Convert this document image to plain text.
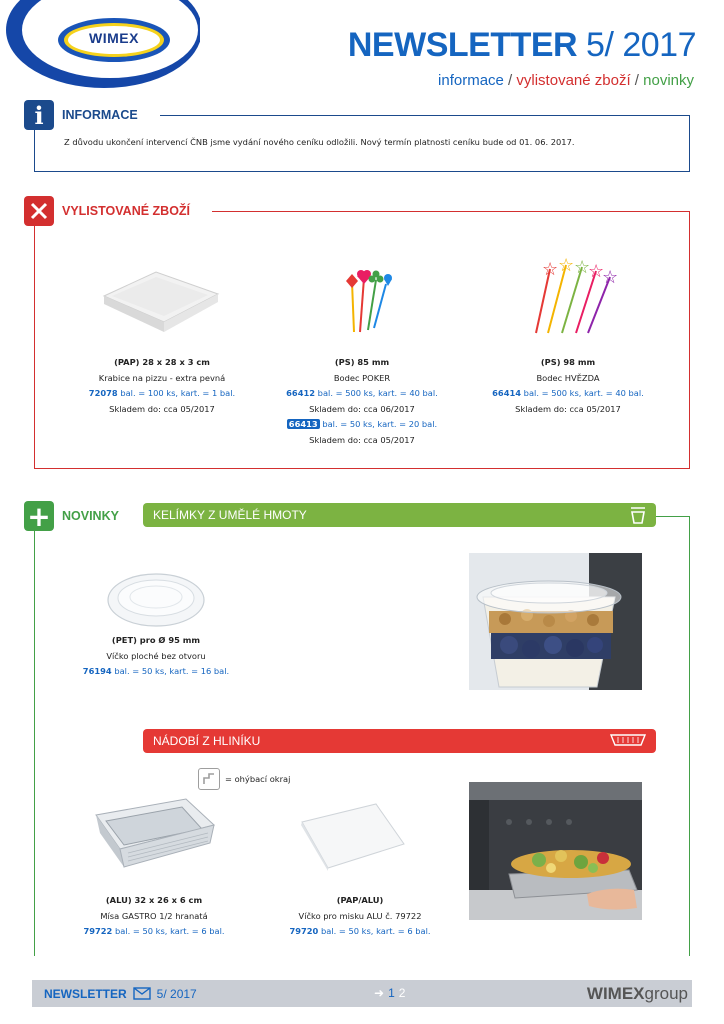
WIMEX	NEWSLETTER 5/ 2017
informace / vylistované zboží / novinky
i	INFORMACE
Z důvodu ukončení intervencí ČNB jsme vydání nového ceníku odložili. Nový termín platnosti ceníku bude od 01. 06. 2017.
VYLISTOVANÉ ZBOŽÍ
☆ ☆ ☆
☆
☆
(PAP) 28 x 28 x 3 cm
Krabice na pizzu - extra pevná
72078 bal. = 100 ks, kart. = 1 bal.
Skladem do: cca 05/2017
(PS) 85 mm
Bodec POKER
66412 bal. = 500 ks, kart. = 40 bal.
Skladem do: cca 06/2017
66413 bal. = 50 ks, kart. = 20 bal.
Skladem do: cca 05/2017
(PS) 98 mm
Bodec HVĚZDA
66414 bal. = 500 ks, kart. = 40 bal.
Skladem do: cca 05/2017
+ NOVINKY	KELÍMKY Z UMĚLÉ HMOTY
(PET) pro Ø 95 mm
Víčko ploché bez otvoru
76194 bal. = 50 ks, kart. = 16 bal.
NÁDOBÍ Z HLINÍKU
= ohýbací okraj
(ALU) 32 x 26 x 6 cm
Mísa GASTRO 1/2 hranatá
79722 bal. = 50 ks, kart. = 6 bal.
(PAP/ALU)
Víčko pro misku ALU č. 79722
79720 bal. = 50 ks, kart. = 6 bal.
NEWSLETTER	5/ 2017	➜ 1 2	WIMEXgroup
